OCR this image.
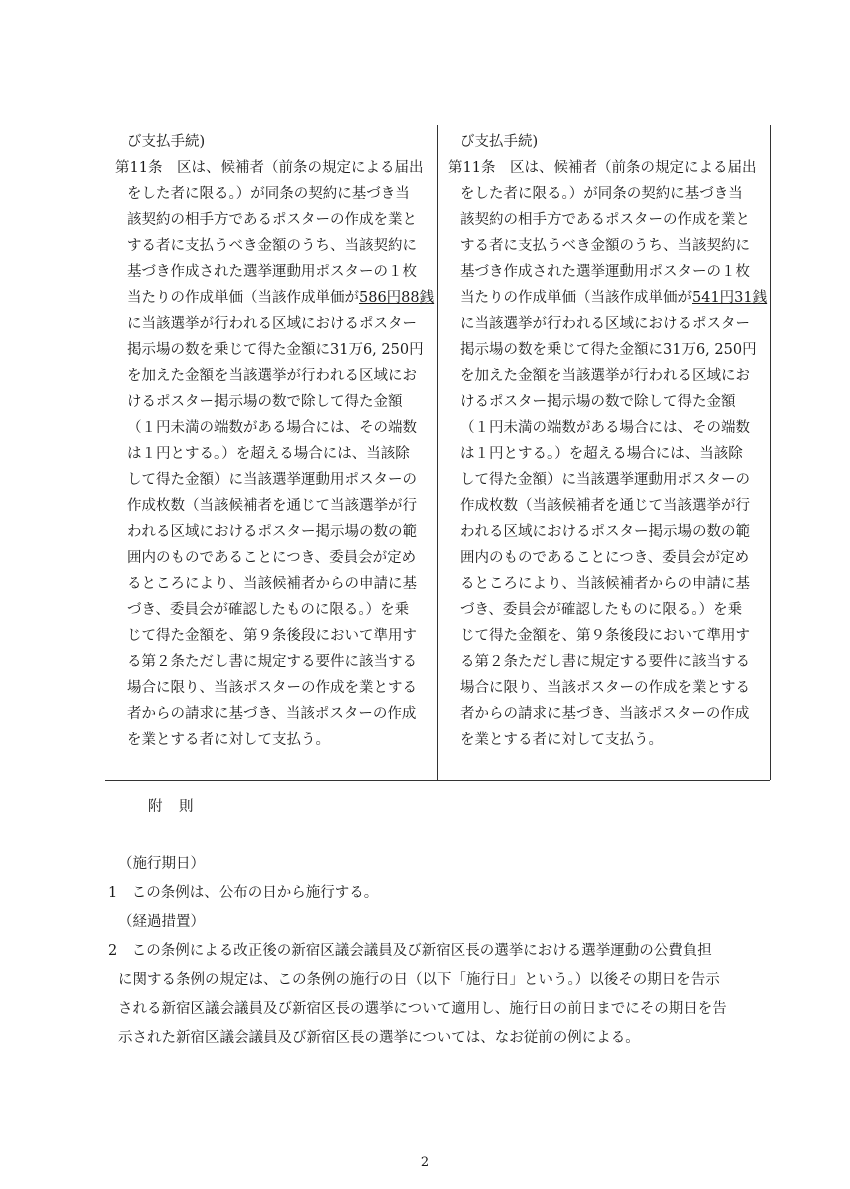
び支払手続)
第11条　区は、候補者（前条の規定による届出
をした者に限る。）が同条の契約に基づき当
該契約の相手方であるポスターの作成を業と
する者に支払うべき金額のうち、当該契約に
基づき作成された選挙運動用ポスターの１枚
当たりの作成単価（当該作成単価が586円88銭
に当該選挙が行われる区域におけるポスター
掲示場の数を乗じて得た金額に31万6, 250円
を加えた金額を当該選挙が行われる区域にお
けるポスター掲示場の数で除して得た金額
（１円未満の端数がある場合には、その端数
は１円とする。）を超える場合には、当該除
して得た金額）に当該選挙運動用ポスターの
作成枚数（当該候補者を通じて当該選挙が行
われる区域におけるポスター掲示場の数の範
囲内のものであることにつき、委員会が定め
るところにより、当該候補者からの申請に基
づき、委員会が確認したものに限る。）を乗
じて得た金額を、第９条後段において準用す
る第２条ただし書に規定する要件に該当する
場合に限り、当該ポスターの作成を業とする
者からの請求に基づき、当該ポスターの作成
を業とする者に対して支払う。
び支払手続)
第11条　区は、候補者（前条の規定による届出
をした者に限る。）が同条の契約に基づき当
該契約の相手方であるポスターの作成を業と
する者に支払うべき金額のうち、当該契約に
基づき作成された選挙運動用ポスターの１枚
当たりの作成単価（当該作成単価が541円31銭
に当該選挙が行われる区域におけるポスター
掲示場の数を乗じて得た金額に31万6, 250円
を加えた金額を当該選挙が行われる区域にお
けるポスター掲示場の数で除して得た金額
（１円未満の端数がある場合には、その端数
は１円とする。）を超える場合には、当該除
して得た金額）に当該選挙運動用ポスターの
作成枚数（当該候補者を通じて当該選挙が行
われる区域におけるポスター掲示場の数の範
囲内のものであることにつき、委員会が定め
るところにより、当該候補者からの申請に基
づき、委員会が確認したものに限る。）を乗
じて得た金額を、第９条後段において準用す
る第２条ただし書に規定する要件に該当する
場合に限り、当該ポスターの作成を業とする
者からの請求に基づき、当該ポスターの作成
を業とする者に対して支払う。
附　則
（施行期日）
1　この条例は、公布の日から施行する。
（経過措置）
2　この条例による改正後の新宿区議会議員及び新宿区長の選挙における選挙運動の公費負担
に関する条例の規定は、この条例の施行の日（以下「施行日」という。）以後その期日を告示
される新宿区議会議員及び新宿区長の選挙について適用し、施行日の前日までにその期日を告
示された新宿区議会議員及び新宿区長の選挙については、なお従前の例による。
2
